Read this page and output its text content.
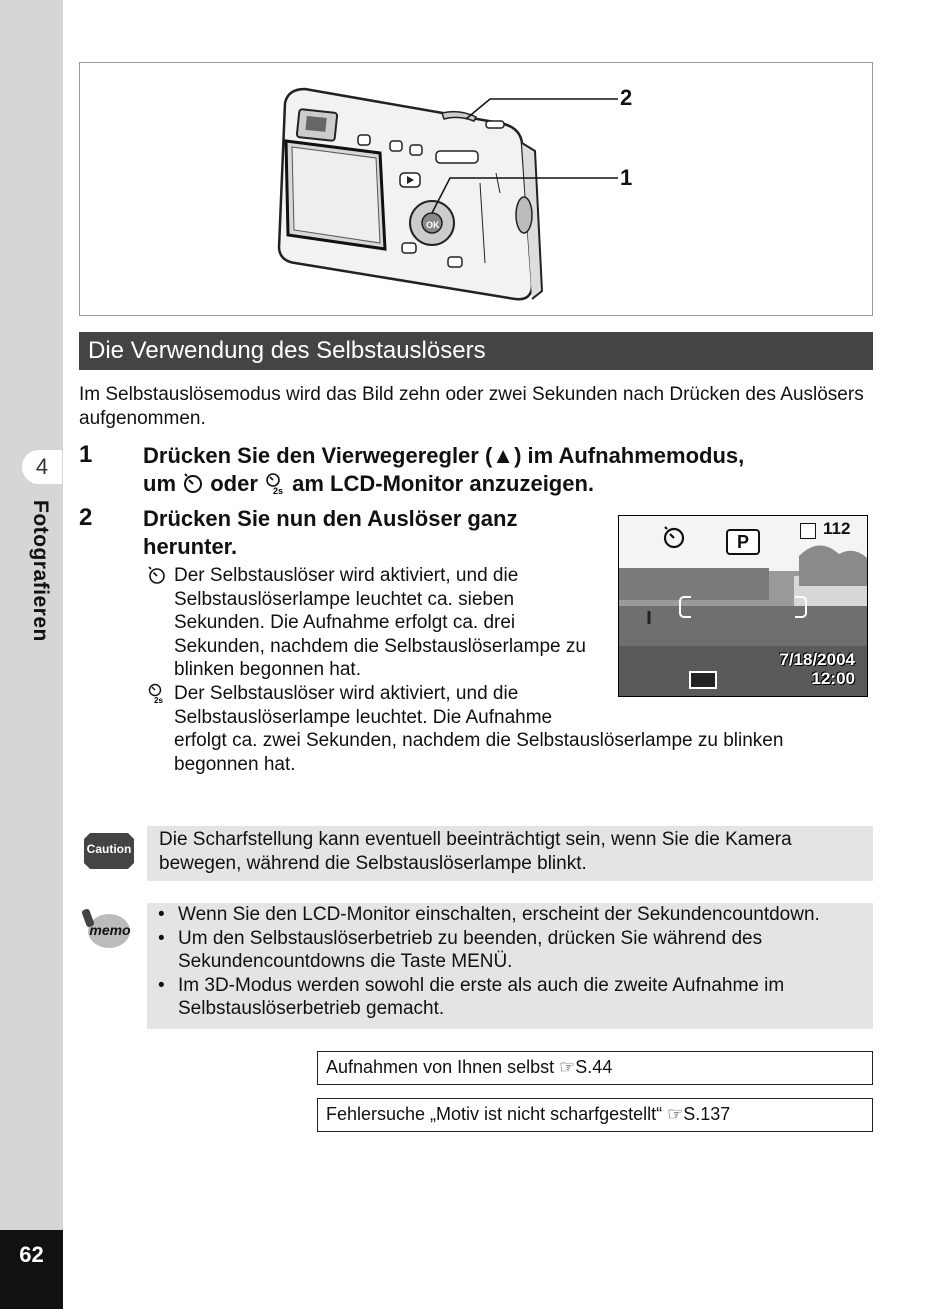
4
Fotografieren
62
OK
2
1
Die Verwendung des Selbstauslösers
Im Selbstauslösemodus wird das Bild zehn oder zwei Sekunden nach Drücken des Auslösers aufgenommen.
1 Drücken Sie den Vierwegeregler (▲) im Aufnahmemodus,
um  oder 2s am LCD-Monitor anzuzeigen.
2 Drücken Sie nun den Auslöser ganz
herunter.
Der Selbstauslöser wird aktiviert, und die Selbstauslöserlampe leuchtet ca. sieben Sekunden. Die Aufnahme erfolgt ca. drei Sekunden, nachdem die Selbstauslöserlampe zu blinken begonnen hat.
2s Der Selbstauslöser wird aktiviert, und die
Selbstauslöserlampe leuchtet. Die Aufnahme
erfolgt ca. zwei Sekunden, nachdem die Selbstauslöserlampe zu blinken
begonnen hat.
P
112
7/18/2004
12:00
Caution	Die Scharfstellung kann eventuell beeinträchtigt sein, wenn Sie die Kamera bewegen, während die Selbstauslöserlampe blinkt.
memo
• Wenn Sie den LCD-Monitor einschalten, erscheint der Sekundencountdown.
• Um den Selbstauslöserbetrieb zu beenden, drücken Sie während des Sekundencountdowns die Taste MENÜ.
• Im 3D-Modus werden sowohl die erste als auch die zweite Aufnahme im Selbstauslöserbetrieb gemacht.
Aufnahmen von Ihnen selbst ☞S.44
Fehlersuche „Motiv ist nicht scharfgestellt“ ☞S.137
